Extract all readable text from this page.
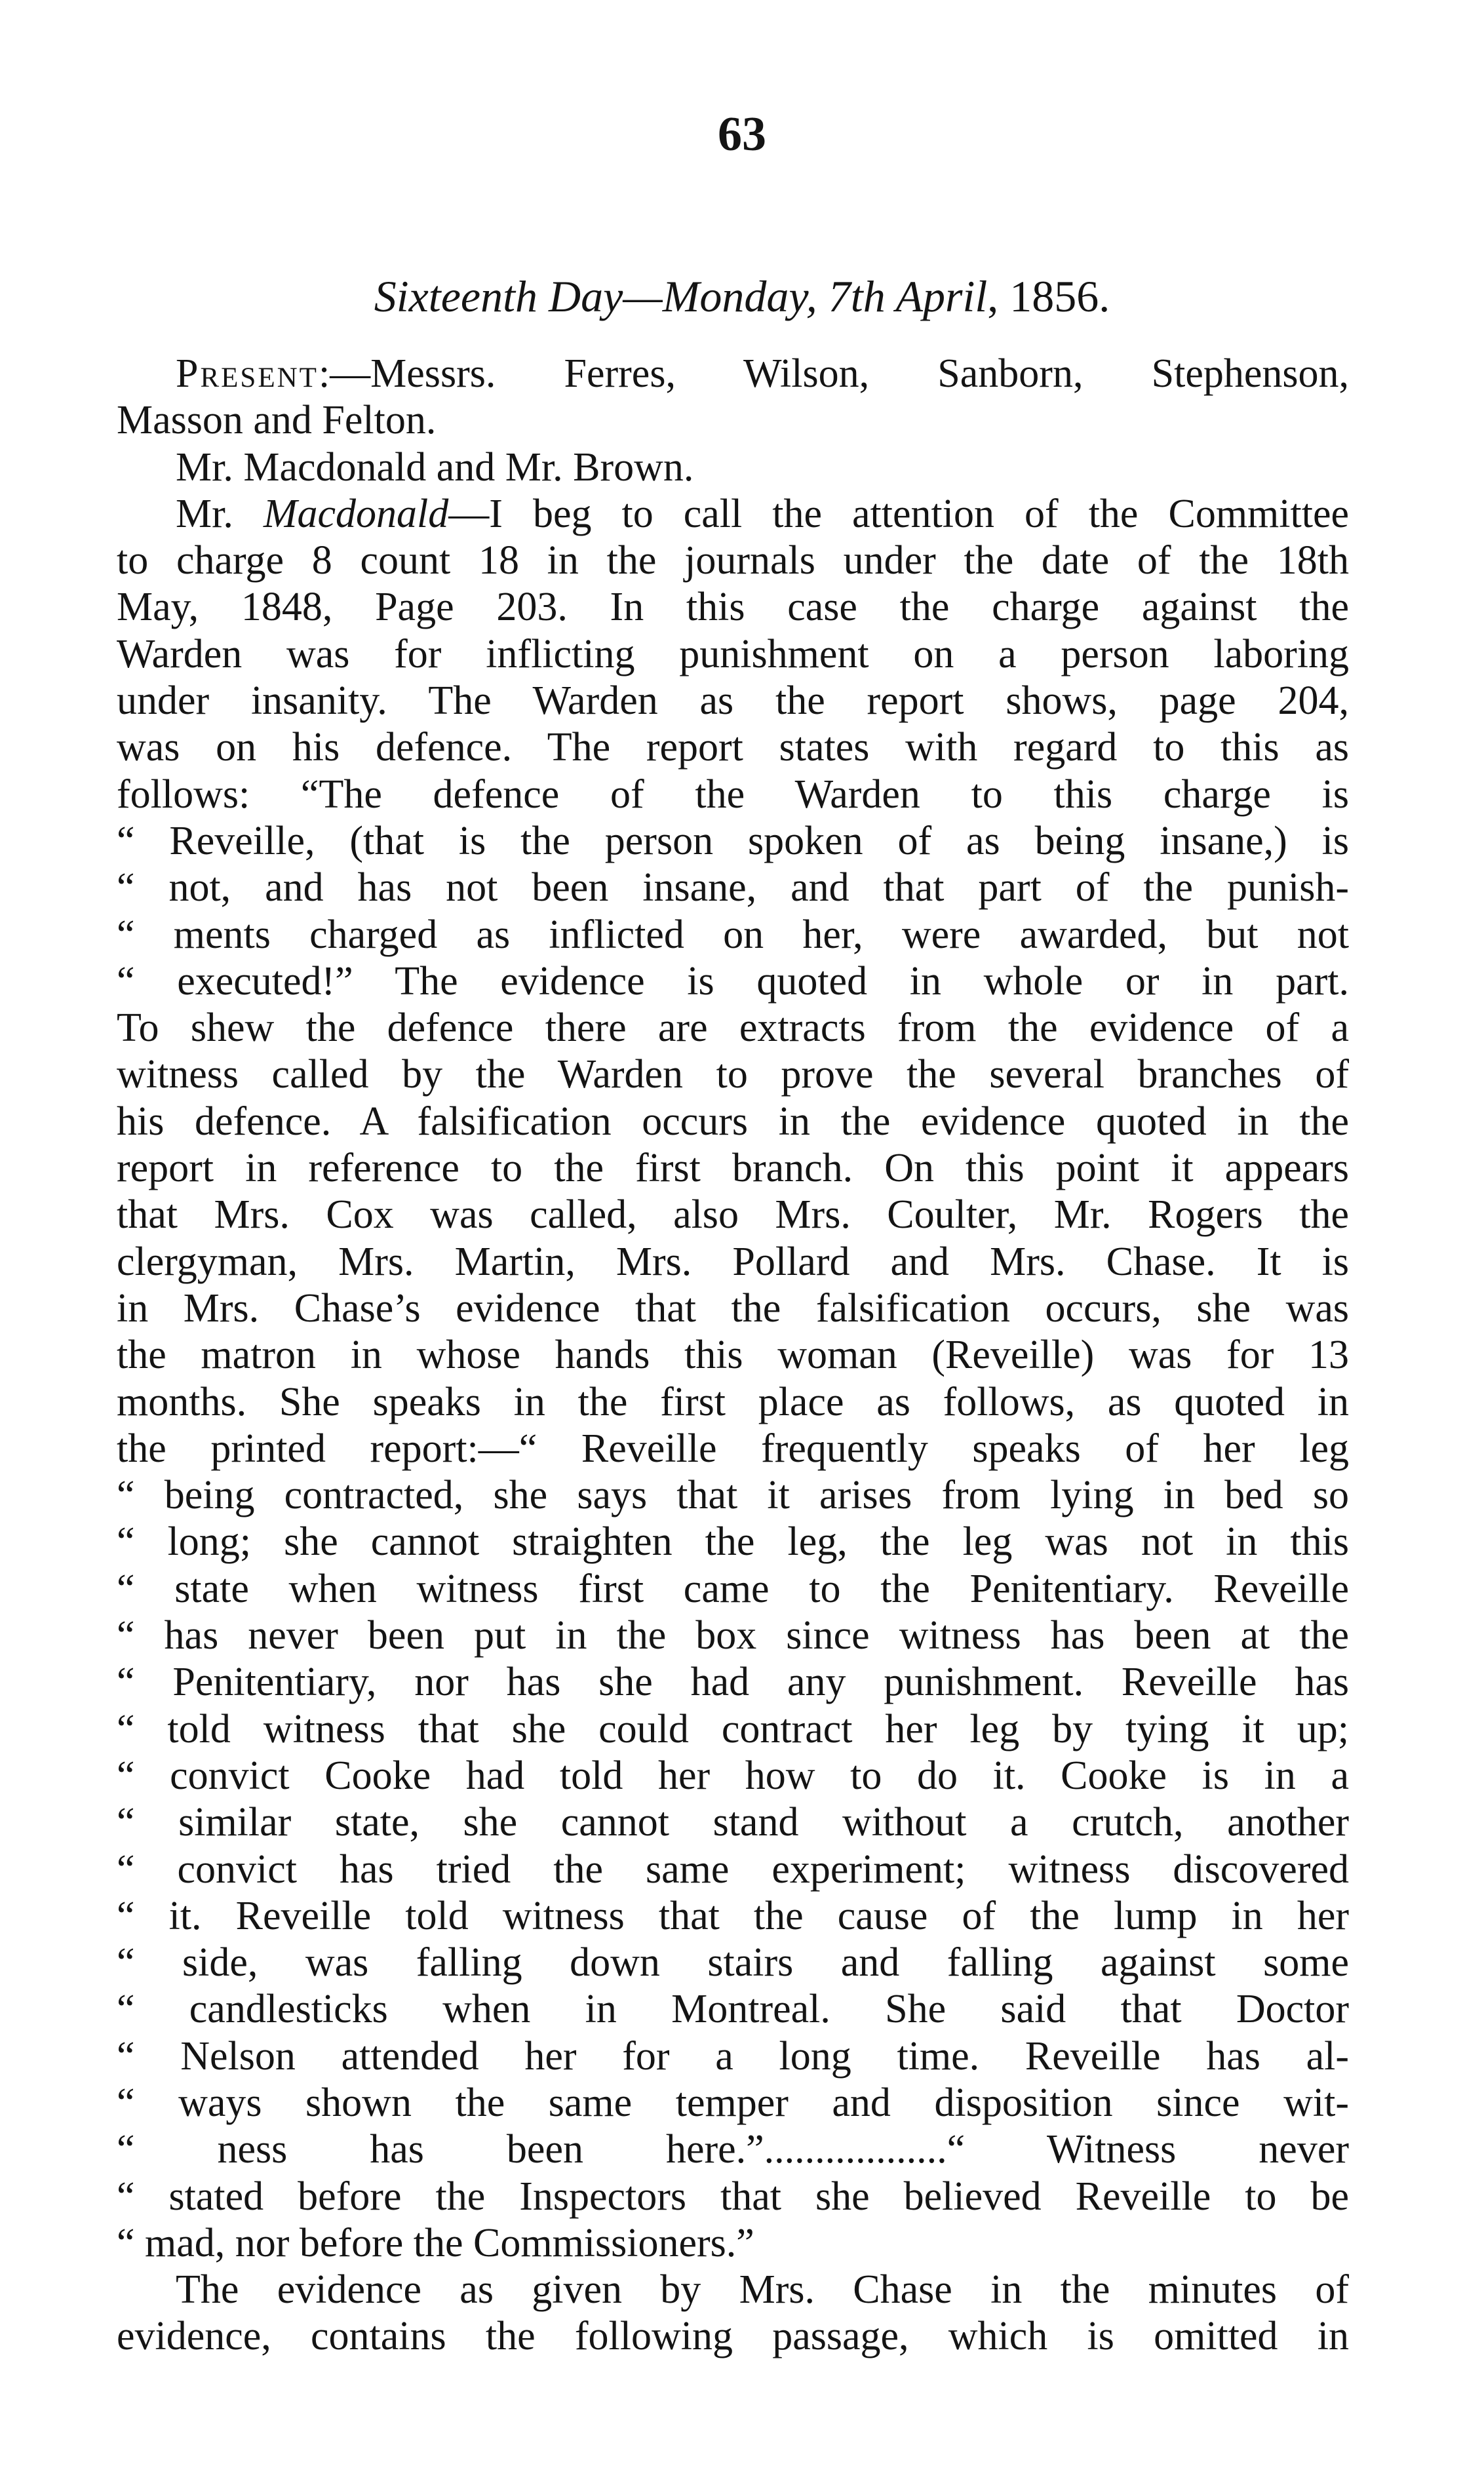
63
Sixteenth Day—Monday, 7th April, 1856.
Present:—Messrs. Ferres, Wilson, Sanborn, Stephenson,
Masson and Felton.
Mr. Macdonald and Mr. Brown.
Mr. Macdonald—I beg to call the attention of the Committee
to charge 8 count 18 in the journals under the date of the 18th
May, 1848, Page 203. In this case the charge against the
Warden was for inflicting punishment on a person laboring
under insanity. The Warden as the report shows, page 204,
was on his defence. The report states with regard to this as
follows: “The defence of the Warden to this charge is
“ Reveille, (that is the person spoken of as being insane,) is
“ not, and has not been insane, and that part of the punish-
“ ments charged as inflicted on her, were awarded, but not
“ executed!” The evidence is quoted in whole or in part.
To shew the defence there are extracts from the evidence of a
witness called by the Warden to prove the several branches of
his defence. A falsification occurs in the evidence quoted in the
report in reference to the first branch. On this point it appears
that Mrs. Cox was called, also Mrs. Coulter, Mr. Rogers the
clergyman, Mrs. Martin, Mrs. Pollard and Mrs. Chase. It is
in Mrs. Chase’s evidence that the falsification occurs, she was
the matron in whose hands this woman (Reveille) was for 13
months. She speaks in the first place as follows, as quoted in
the printed report:—“ Reveille frequently speaks of her leg
“ being contracted, she says that it arises from lying in bed so
“ long; she cannot straighten the leg, the leg was not in this
“ state when witness first came to the Penitentiary. Reveille
“ has never been put in the box since witness has been at the
“ Penitentiary, nor has she had any punishment. Reveille has
“ told witness that she could contract her leg by tying it up;
“ convict Cooke had told her how to do it. Cooke is in a
“ similar state, she cannot stand without a crutch, another
“ convict has tried the same experiment; witness discovered
“ it. Reveille told witness that the cause of the lump in her
“ side, was falling down stairs and falling against some
“ candlesticks when in Montreal. She said that Doctor
“ Nelson attended her for a long time. Reveille has al-
“ ways shown the same temper and disposition since wit-
“ ness has been here.”..................“ Witness never
“ stated before the Inspectors that she believed Reveille to be
“ mad, nor before the Commissioners.”
The evidence as given by Mrs. Chase in the minutes of
evidence, contains the following passage, which is omitted in
